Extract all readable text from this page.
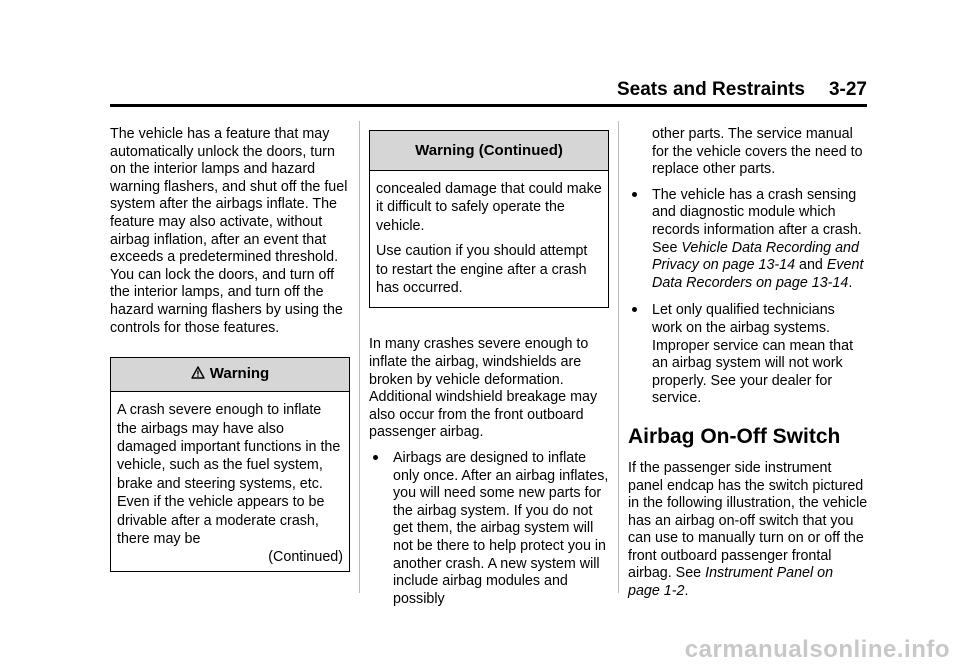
Seats and Restraints 3-27

The vehicle has a feature that may automatically unlock the doors, turn on the interior lamps and hazard warning flashers, and shut off the fuel system after the airbags inflate. The feature may also activate, without airbag inflation, after an event that exceeds a predetermined threshold. You can lock the doors, and turn off the interior lamps, and turn off the hazard warning flashers by using the controls for those features.

Warning

A crash severe enough to inflate the airbags may have also damaged important functions in the vehicle, such as the fuel system, brake and steering systems, etc. Even if the vehicle appears to be drivable after a moderate crash, there may be

(Continued)
Warning (Continued)

concealed damage that could make it difficult to safely operate the vehicle.

Use caution if you should attempt to restart the engine after a crash has occurred.

In many crashes severe enough to inflate the airbag, windshields are broken by vehicle deformation. Additional windshield breakage may also occur from the front outboard passenger airbag.

Airbags are designed to inflate only once. After an airbag inflates, you will need some new parts for the airbag system. If you do not get them, the airbag system will not be there to help protect you in another crash. A new system will include airbag modules and possibly

other parts. The service manual for the vehicle covers the need to replace other parts.

The vehicle has a crash sensing and diagnostic module which records information after a crash. See Vehicle Data Recording and Privacy on page 13-14 and Event Data Recorders on page 13-14.
Let only qualified technicians work on the airbag systems. Improper service can mean that an airbag system will not work properly. See your dealer for service.
Airbag On-Off Switch

If the passenger side instrument panel endcap has the switch pictured in the following illustration, the vehicle has an airbag on-off switch that you can use to manually turn on or off the front outboard passenger frontal airbag. See Instrument Panel on page 1-2.

carmanualsonline.info
